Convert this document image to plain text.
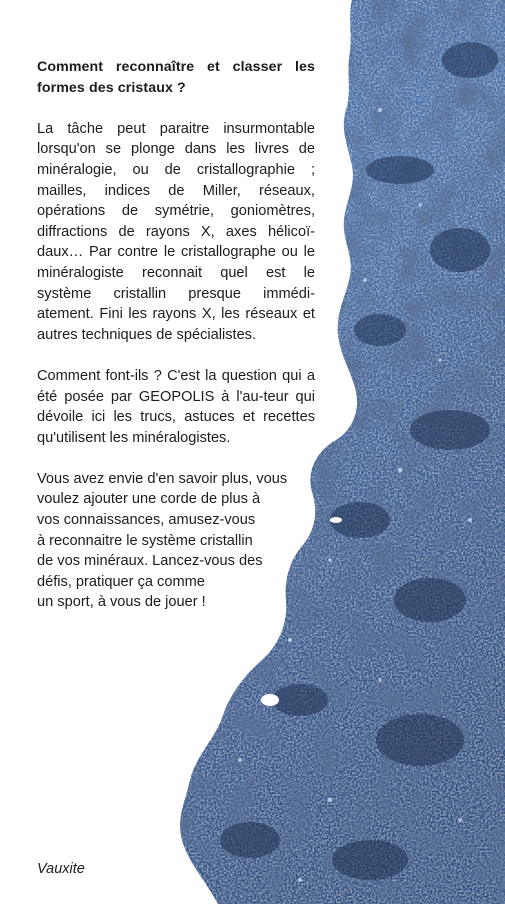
Comment reconnaître et classer les formes des cristaux ?

La tâche peut paraitre insurmontable lorsqu'on se plonge dans les livres de minéralogie, ou de cristallographie ; mailles, indices de Miller, réseaux, opérations de symétrie, goniomètres, diffractions de rayons X, axes hélicoï-daux… Par contre le cristallographe ou le minéralogiste reconnait quel est le système cristallin presque immédi-atement. Fini les rayons X, les réseaux et autres techniques de spécialistes.

Comment font-ils ? C'est la question qui a été posée par GEOPOLIS à l'au-teur qui dévoile ici les trucs, astuces et recettes qu'utilisent les minéralogistes.

Vous avez envie d'en savoir plus, vous
voulez ajouter une corde de plus à
vos connaissances, amusez-vous
à reconnaitre le système cristallin
de vos minéraux. Lancez-vous des
défis, pratiquer ça comme
un sport, à vous de jouer !

Vauxite
